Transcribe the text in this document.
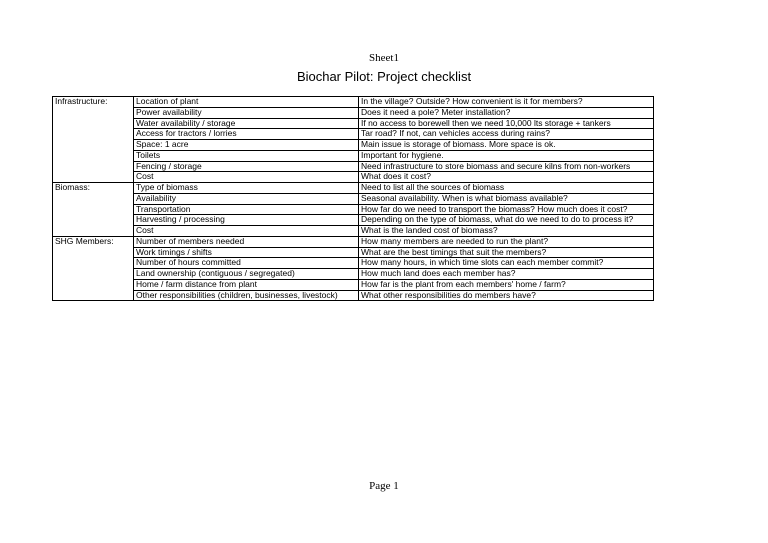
Sheet1
Biochar Pilot: Project checklist
Infrastructure:	Location of plant	In the village? Outside? How convenient is it for members?
	Power availability	Does it need a pole? Meter installation?
	Water availability / storage	If no access to borewell then we need 10,000 lts storage + tankers
	Access for tractors / lorries	Tar road? If not, can vehicles access during rains?
	Space: 1 acre	Main issue is storage of biomass. More space is ok.
	Toilets	Important for hygiene.
	Fencing / storage	Need infrastructure to store biomass and secure kilns from non-workers
	Cost	What does it cost?
Biomass:	Type of biomass	Need to list all the sources of biomass
	Availability	Seasonal availability. When is what biomass available?
	Transportation	How far do we need to transport the biomass? How much does it cost?
	Harvesting / processing	Depending on the type of biomass, what do we need to do to process it?
	Cost	What is the landed cost of biomass?
SHG Members:	Number of members needed	How many members are needed to run the plant?
	Work timings / shifts	What are the best timings that suit the members?
	Number of hours committed	How many hours, in which time slots can each member commit?
	Land ownership (contiguous / segregated)	How much land does each member has?
	Home / farm distance from plant	How far is the plant from each members' home / farm?
	Other responsibilities (children, businesses, livestock)	What other responsibilities do members have?
Page 1
